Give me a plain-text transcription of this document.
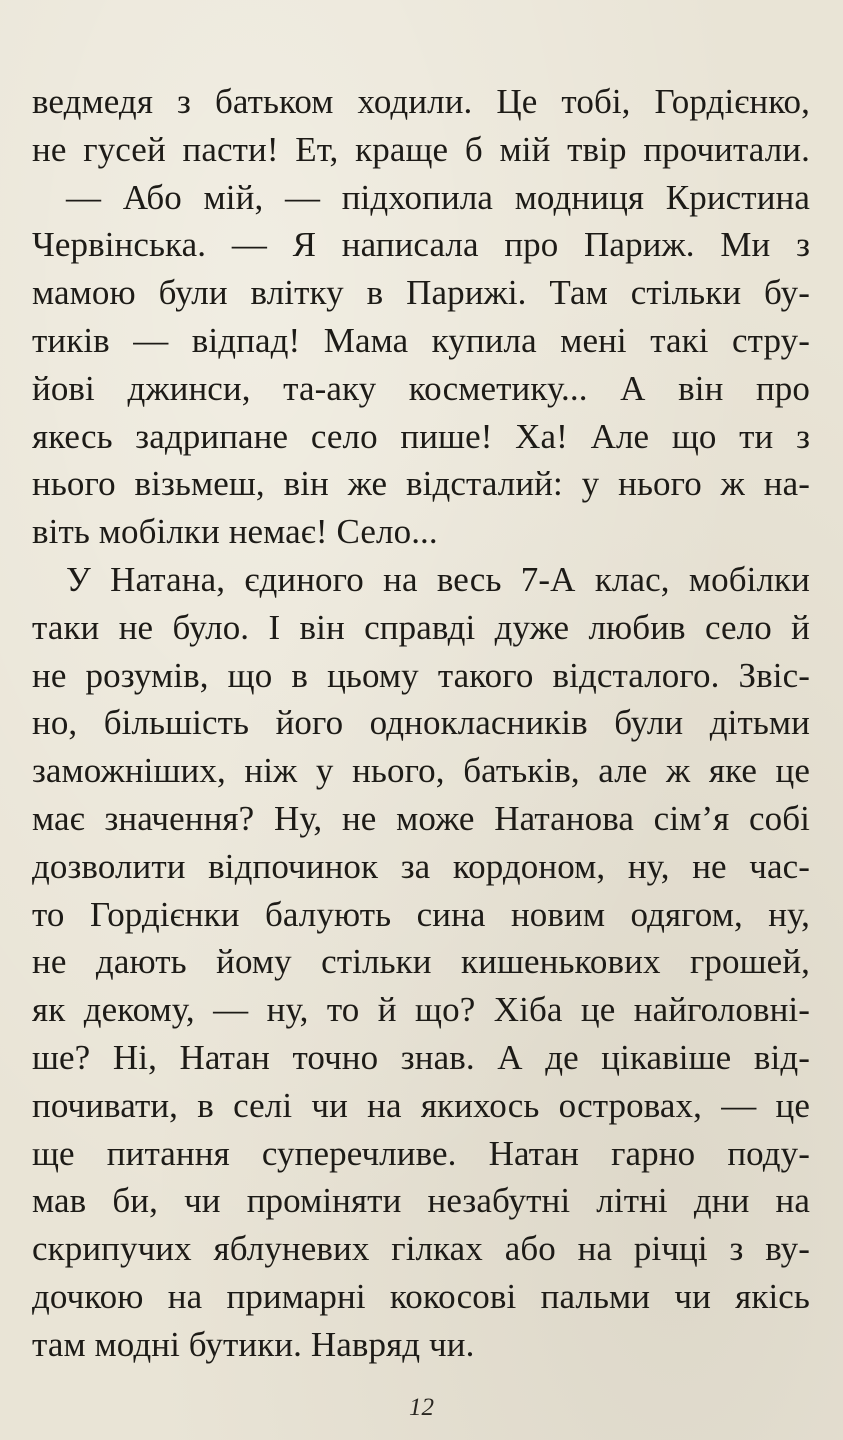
ведмедя з батьком ходили. Це тобі, Гордієнко,
не гусей пасти! Ет, краще б мій твір прочитали.
— Або мій, — підхопила модниця Кристина
Червінська. — Я написала про Париж. Ми з
мамою були влітку в Парижі. Там стільки бу-
тиків — відпад! Мама купила мені такі стру-
йові джинси, та-аку косметику... А він про
якесь задрипане село пише! Ха! Але що ти з
нього візьмеш, він же відсталий: у нього ж на-
віть мобілки немає! Село...
У Натана, єдиного на весь 7-А клас, мобілки
таки не було. І він справді дуже любив село й
не розумів, що в цьому такого відсталого. Звіс-
но, більшість його однокласників були дітьми
заможніших, ніж у нього, батьків, але ж яке це
має значення? Ну, не може Натанова сім’я собі
дозволити відпочинок за кордоном, ну, не час-
то Гордієнки балують сина новим одягом, ну,
не дають йому стільки кишенькових грошей,
як декому, — ну, то й що? Хіба це найголовні-
ше? Ні, Натан точно знав. А де цікавіше від-
почивати, в селі чи на якихось островах, — це
ще питання суперечливе. Натан гарно поду-
мав би, чи проміняти незабутні літні дни на
скрипучих яблуневих гілках або на річці з ву-
дочкою на примарні кокосові пальми чи якісь
там модні бутики. Навряд чи.
12
